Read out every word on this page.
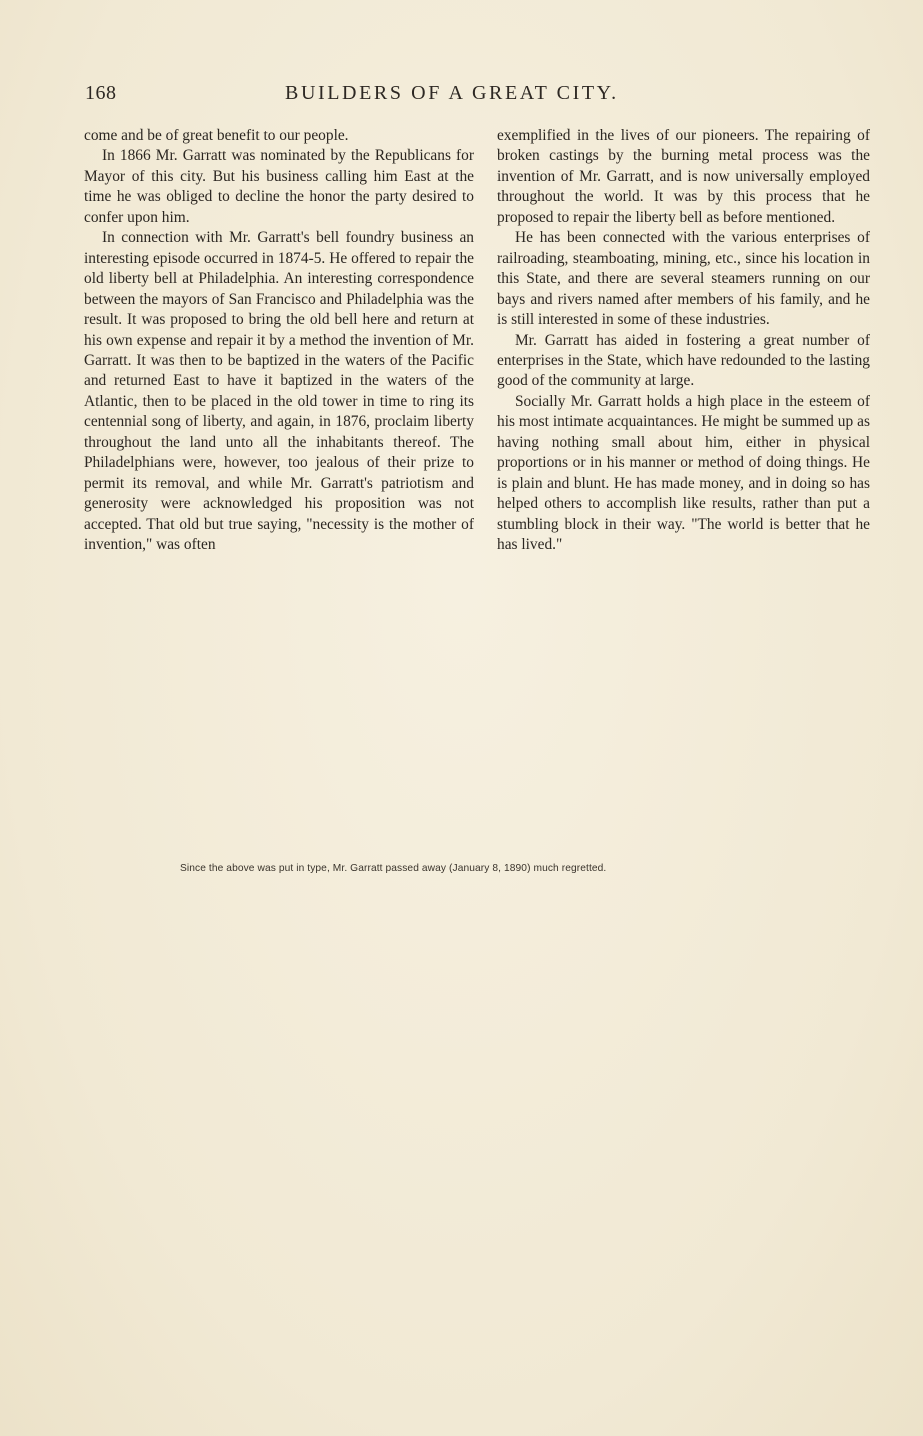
168	BUILDERS OF A GREAT CITY.

come and be of great benefit to our people.

In 1866 Mr. Garratt was nominated by the Republicans for Mayor of this city. But his business calling him East at the time he was obliged to decline the honor the party desired to confer upon him.

In connection with Mr. Garratt's bell foundry business an interesting episode occurred in 1874-5. He offered to repair the old liberty bell at Philadelphia. An interesting correspondence between the mayors of San Francisco and Philadelphia was the result. It was proposed to bring the old bell here and return at his own expense and repair it by a method the invention of Mr. Garratt. It was then to be baptized in the waters of the Pacific and returned East to have it baptized in the waters of the Atlantic, then to be placed in the old tower in time to ring its centennial song of liberty, and again, in 1876, proclaim liberty throughout the land unto all the inhabitants thereof. The Philadelphians were, however, too jealous of their prize to permit its removal, and while Mr. Garratt's patriotism and generosity were acknowledged his proposition was not accepted. That old but true saying, "necessity is the mother of invention," was often

exemplified in the lives of our pioneers. The repairing of broken castings by the burning metal process was the invention of Mr. Garratt, and is now universally employed throughout the world. It was by this process that he proposed to repair the liberty bell as before mentioned.

He has been connected with the various enterprises of railroading, steamboating, mining, etc., since his location in this State, and there are several steamers running on our bays and rivers named after members of his family, and he is still interested in some of these industries.

Mr. Garratt has aided in fostering a great number of enterprises in the State, which have redounded to the lasting good of the community at large.

Socially Mr. Garratt holds a high place in the esteem of his most intimate acquaintances. He might be summed up as having nothing small about him, either in physical proportions or in his manner or method of doing things. He is plain and blunt. He has made money, and in doing so has helped others to accomplish like results, rather than put a stumbling block in their way. "The world is better that he has lived."

Since the above was put in type, Mr. Garratt passed away (January 8, 1890) much regretted.
